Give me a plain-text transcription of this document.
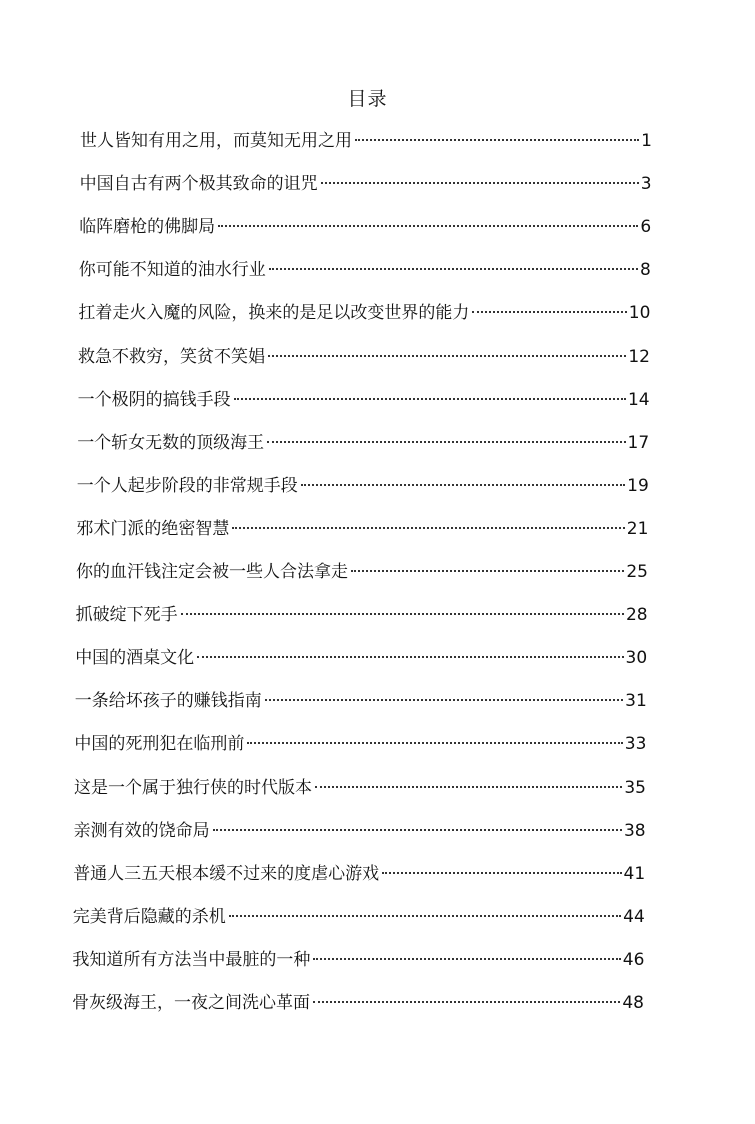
目录
世人皆知有用之用，而莫知无用之用	1
中国自古有两个极其致命的诅咒	3
临阵磨枪的佛脚局	6
你可能不知道的油水行业	8
扛着走火入魔的风险，换来的是足以改变世界的能力	10
救急不救穷，笑贫不笑娼	12
一个极阴的搞钱手段	14
一个斩女无数的顶级海王	17
一个人起步阶段的非常规手段	19
邪术门派的绝密智慧	21
你的血汗钱注定会被一些人合法拿走	25
抓破绽下死手	28
中国的酒桌文化	30
一条给坏孩子的赚钱指南	31
中国的死刑犯在临刑前	33
这是一个属于独行侠的时代版本	35
亲测有效的饶命局	38
普通人三五天根本缓不过来的度虐心游戏	41
完美背后隐藏的杀机	44
我知道所有方法当中最脏的一种	46
骨灰级海王，一夜之间洗心革面	48
